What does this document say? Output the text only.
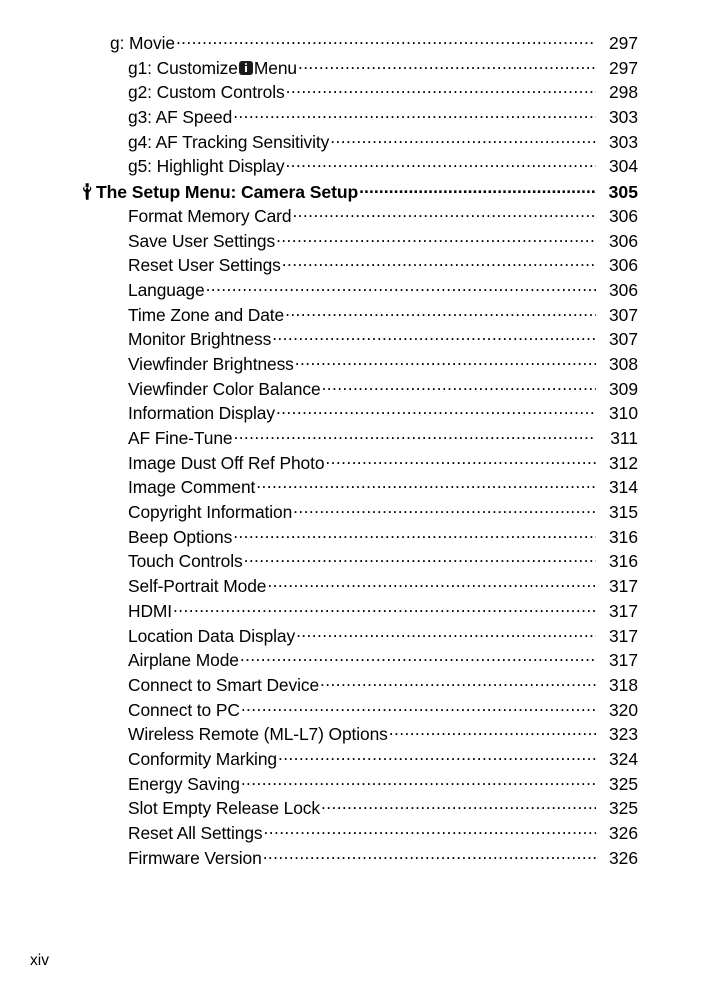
g: Movie .....	297
g1: Customize Menu .....	297
g2: Custom Controls .....	298
g3: AF Speed .....	303
g4: AF Tracking Sensitivity .....	303
g5: Highlight Display .....	304
The Setup Menu: Camera Setup .....	305
Format Memory Card .....	306
Save User Settings .....	306
Reset User Settings .....	306
Language .....	306
Time Zone and Date .....	307
Monitor Brightness .....	307
Viewfinder Brightness .....	308
Viewfinder Color Balance .....	309
Information Display .....	310
AF Fine-Tune .....	311
Image Dust Off Ref Photo .....	312
Image Comment .....	314
Copyright Information .....	315
Beep Options .....	316
Touch Controls .....	316
Self-Portrait Mode .....	317
HDMI .....	317
Location Data Display .....	317
Airplane Mode .....	317
Connect to Smart Device .....	318
Connect to PC .....	320
Wireless Remote (ML-L7) Options .....	323
Conformity Marking .....	324
Energy Saving .....	325
Slot Empty Release Lock .....	325
Reset All Settings .....	326
Firmware Version .....	326
xiv
